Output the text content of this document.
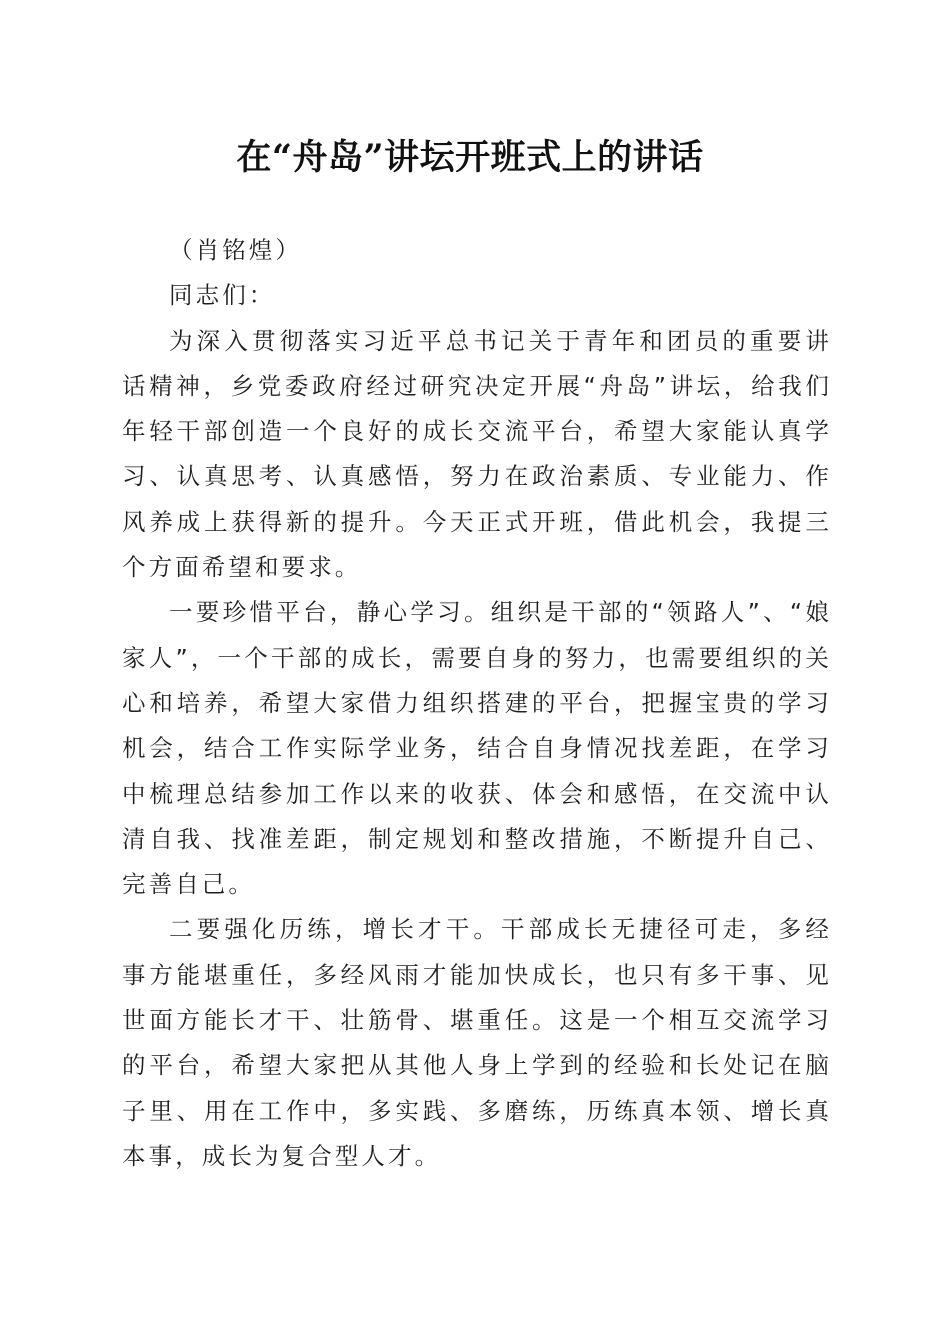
在“舟岛”讲坛开班式上的讲话

（肖铭煌）

同志们：

为深入贯彻落实习近平总书记关于青年和团员的重要讲话精神，乡党委政府经过研究决定开展“舟岛”讲坛，给我们年轻干部创造一个良好的成长交流平台，希望大家能认真学习、认真思考、认真感悟，努力在政治素质、专业能力、作风养成上获得新的提升。今天正式开班，借此机会，我提三个方面希望和要求。

一要珍惜平台，静心学习。组织是干部的“领路人”、“娘家人”，一个干部的成长，需要自身的努力，也需要组织的关心和培养，希望大家借力组织搭建的平台，把握宝贵的学习机会，结合工作实际学业务，结合自身情况找差距，在学习中梳理总结参加工作以来的收获、体会和感悟，在交流中认清自我、找准差距，制定规划和整改措施，不断提升自己、完善自己。

二要强化历练，增长才干。干部成长无捷径可走，多经事方能堪重任，多经风雨才能加快成长，也只有多干事、见世面方能长才干、壮筋骨、堪重任。这是一个相互交流学习的平台，希望大家把从其他人身上学到的经验和长处记在脑子里、用在工作中，多实践、多磨练，历练真本领、增长真本事，成长为复合型人才。
